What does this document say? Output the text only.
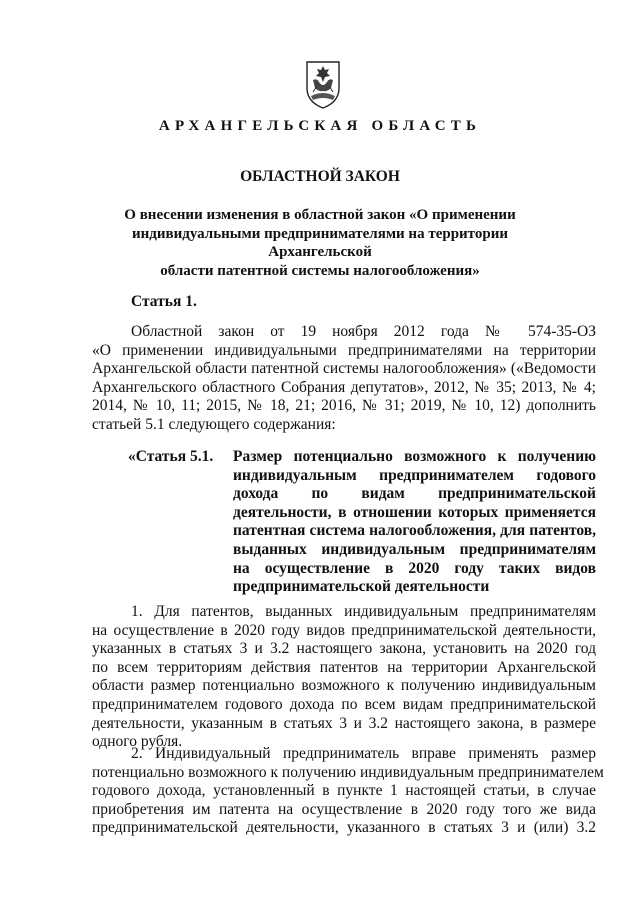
АРХАНГЕЛЬСКАЯ ОБЛАСТЬ
ОБЛАСТНОЙ ЗАКОН
О внесении изменения в областной закон «О применении
индивидуальными предпринимателями на территории Архангельской
области патентной системы налогообложения»
Статья 1.
Областной закон от 19 ноября 2012 года № 574-35-ОЗ
«О применении индивидуальными предпринимателями на территории
Архангельской области патентной системы налогообложения» («Ведомости
Архангельского областного Собрания депутатов», 2012, № 35; 2013, № 4;
2014, № 10, 11; 2015, № 18, 21; 2016, № 31; 2019, № 10, 12) дополнить
статьей 5.1 следующего содержания:
«Статья 5.1. Размер потенциально возможного к получению
индивидуальным предпринимателем годового
дохода по видам предпринимательской
деятельности, в отношении которых применяется
патентная система налогообложения, для патентов,
выданных индивидуальным предпринимателям
на осуществление в 2020 году таких видов
предпринимательской деятельности
1. Для патентов, выданных индивидуальным предпринимателям
на осуществление в 2020 году видов предпринимательской деятельности,
указанных в статьях 3 и 3.2 настоящего закона, установить на 2020 год
по всем территориям действия патентов на территории Архангельской
области размер потенциально возможного к получению индивидуальным
предпринимателем годового дохода по всем видам предпринимательской
деятельности, указанным в статьях 3 и 3.2 настоящего закона, в размере
одного рубля.
2. Индивидуальный предприниматель вправе применять размер
потенциально возможного к получению индивидуальным предпринимателем
годового дохода, установленный в пункте 1 настоящей статьи, в случае
приобретения им патента на осуществление в 2020 году того же вида
предпринимательской деятельности, указанного в статьях 3 и (или) 3.2
